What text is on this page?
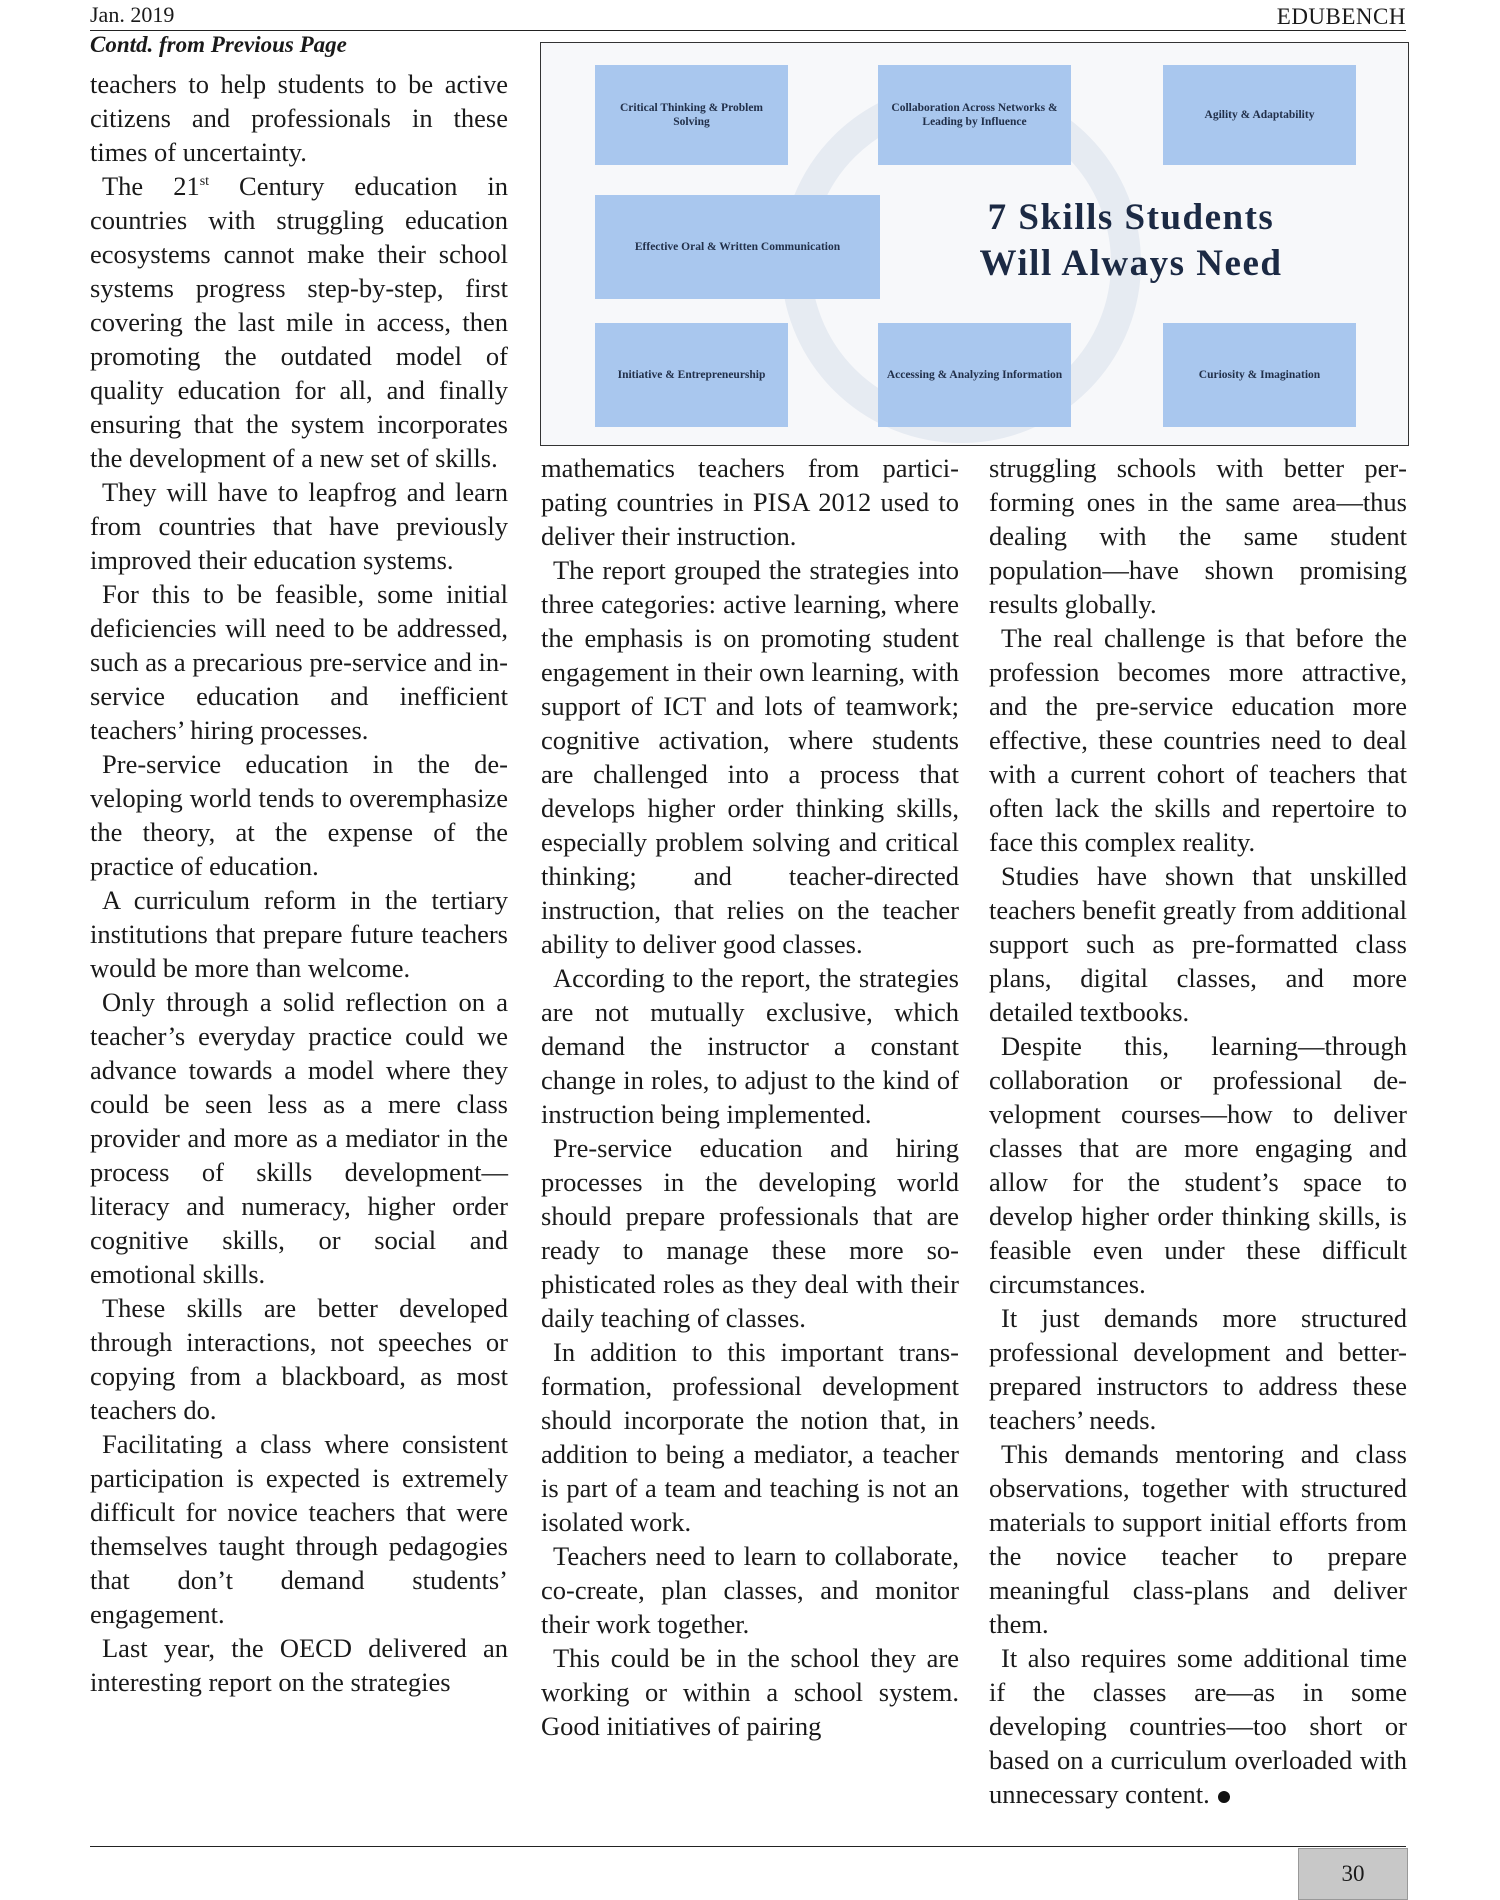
Jan. 2019	EDUBENCH
Contd. from Previous Page

teachers to help students to be active citizens and professionals in these times of uncertainty.

The 21st Century education in countries with struggling education ecosystems cannot make their school systems progress step-by-step, first covering the last mile in access, then promoting the outdated model of quality education for all, and finally ensuring that the system incorporates the development of a new set of skills.

They will have to leapfrog and learn from countries that have previously improved their education systems.

For this to be feasible, some initial deficiencies will need to be addressed, such as a precarious pre-service and in-service education and inefficient teachers’ hiring processes.

Pre-service education in the developing world tends to overemphasize the theory, at the expense of the practice of education.

A curriculum reform in the tertiary institutions that prepare future teachers would be more than welcome.

Only through a solid reflection on a teacher’s everyday practice could we advance towards a model where they could be seen less as a mere class provider and more as a mediator in the process of skills development—literacy and numeracy, higher order cognitive skills, or social and emotional skills.

These skills are better developed through interactions, not speeches or copying from a blackboard, as most teachers do.

Facilitating a class where consistent participation is expected is extremely difficult for novice teachers that were themselves taught through pedagogies that don’t demand students’ engagement.

Last year, the OECD delivered an interesting report on the strategies

Critical Thinking & Problem Solving
Collaboration Across Networks & Leading by Influence
Agility & Adaptability
Effective Oral & Written Communication
Initiative & Entrepreneurship	Accessing & Analyzing Information	Curiosity & Imagination
7 Skills Students
Will Always Need

mathematics teachers from participating countries in PISA 2012 used to deliver their instruction.

The report grouped the strategies into three categories: active learning, where the emphasis is on promoting student engagement in their own learning, with support of ICT and lots of teamwork; cognitive activation, where students are challenged into a process that develops higher order thinking skills, especially problem solving and critical thinking; and teacher-directed instruction, that relies on the teacher ability to deliver good classes.

According to the report, the strategies are not mutually exclusive, which demand the instructor a constant change in roles, to adjust to the kind of instruction being implemented.

Pre-service education and hiring processes in the developing world should prepare professionals that are ready to manage these more sophisticated roles as they deal with their daily teaching of classes.

In addition to this important transformation, professional development should incorporate the notion that, in addition to being a mediator, a teacher is part of a team and teaching is not an isolated work.

Teachers need to learn to collaborate, co-create, plan classes, and monitor their work together.

This could be in the school they are working or within a school system. Good initiatives of pairing

struggling schools with better performing ones in the same area—thus dealing with the same student population—have shown promising results globally.

The real challenge is that before the profession becomes more attractive, and the pre-service education more effective, these countries need to deal with a current cohort of teachers that often lack the skills and repertoire to face this complex reality.

Studies have shown that unskilled teachers benefit greatly from additional support such as pre-formatted class plans, digital classes, and more detailed textbooks.

Despite this, learning—through collaboration or professional development courses—how to deliver classes that are more engaging and allow for the student’s space to develop higher order thinking skills, is feasible even under these difficult circumstances.

It just demands more structured professional development and better-prepared instructors to address these teachers’ needs.

This demands mentoring and class observations, together with structured materials to support initial efforts from the novice teacher to prepare meaningful class-plans and deliver them.

It also requires some additional time if the classes are—as in some developing countries—too short or based on a curriculum overloaded with unnecessary content.

30
